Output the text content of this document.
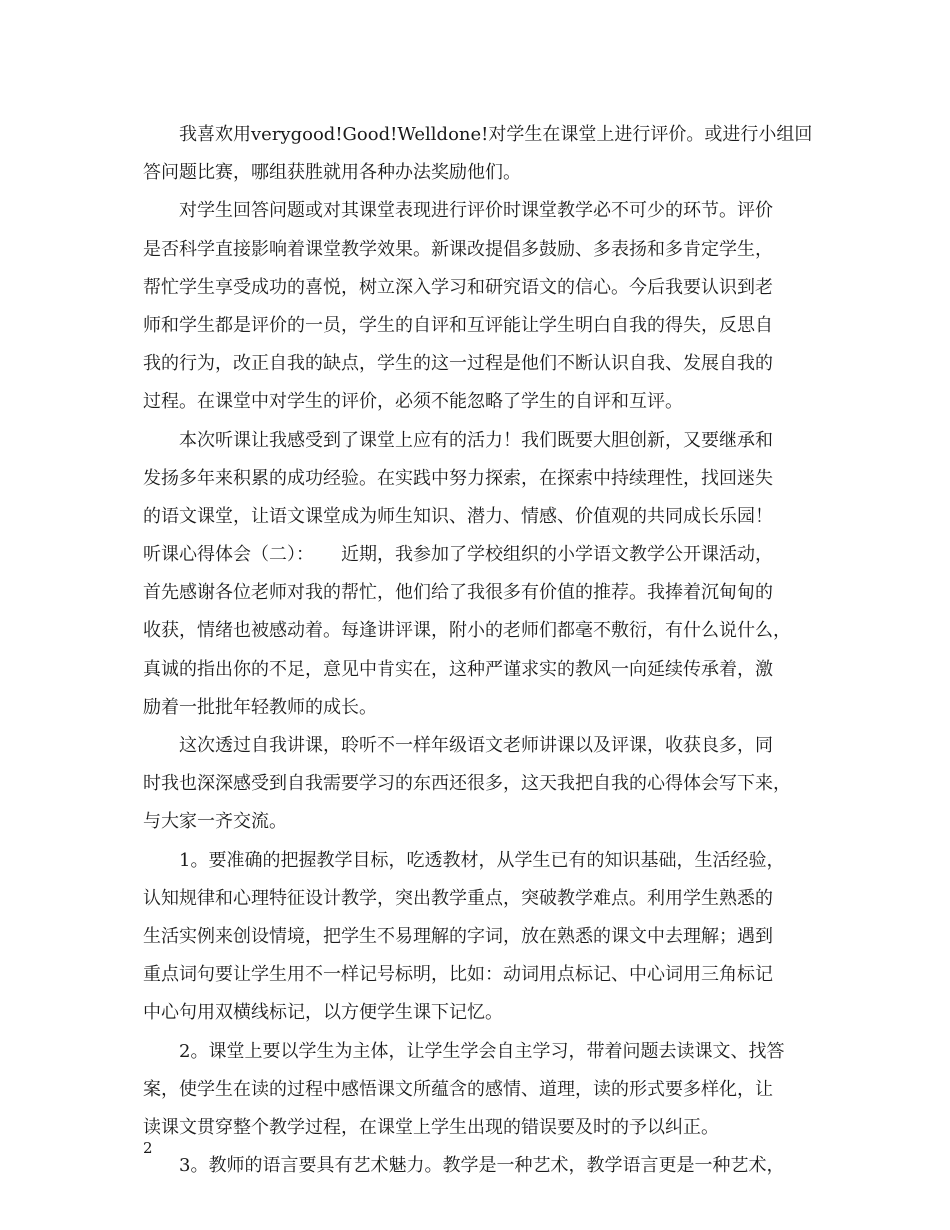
我喜欢用verygood!Good!Welldone!对学生在课堂上进行评价。或进行小组回
答问题比赛，哪组获胜就用各种办法奖励他们。
对学生回答问题或对其课堂表现进行评价时课堂教学必不可少的环节。评价
是否科学直接影响着课堂教学效果。新课改提倡多鼓励、多表扬和多肯定学生，
帮忙学生享受成功的喜悦，树立深入学习和研究语文的信心。今后我要认识到老
师和学生都是评价的一员，学生的自评和互评能让学生明白自我的得失，反思自
我的行为，改正自我的缺点，学生的这一过程是他们不断认识自我、发展自我的
过程。在课堂中对学生的评价，必须不能忽略了学生的自评和互评。
本次听课让我感受到了课堂上应有的活力！我们既要大胆创新，又要继承和
发扬多年来积累的成功经验。在实践中努力探索，在探索中持续理性，找回迷失
的语文课堂，让语文课堂成为师生知识、潜力、情感、价值观的共同成长乐园！
听课心得体会（二）：　　近期，我参加了学校组织的小学语文教学公开课活动，
首先感谢各位老师对我的帮忙，他们给了我很多有价值的推荐。我捧着沉甸甸的
收获，情绪也被感动着。每逢讲评课，附小的老师们都毫不敷衍，有什么说什么，
真诚的指出你的不足，意见中肯实在，这种严谨求实的教风一向延续传承着，激
励着一批批年轻教师的成长。
这次透过自我讲课，聆听不一样年级语文老师讲课以及评课，收获良多，同
时我也深深感受到自我需要学习的东西还很多，这天我把自我的心得体会写下来，
与大家一齐交流。
1。要准确的把握教学目标，吃透教材，从学生已有的知识基础，生活经验，
认知规律和心理特征设计教学，突出教学重点，突破教学难点。利用学生熟悉的
生活实例来创设情境，把学生不易理解的字词，放在熟悉的课文中去理解；遇到
重点词句要让学生用不一样记号标明，比如：动词用点标记、中心词用三角标记
中心句用双横线标记，以方便学生课下记忆。
2。课堂上要以学生为主体，让学生学会自主学习，带着问题去读课文、找答
案，使学生在读的过程中感悟课文所蕴含的感情、道理，读的形式要多样化，让
读课文贯穿整个教学过程，在课堂上学生出现的错误要及时的予以纠正。
3。教师的语言要具有艺术魅力。教学是一种艺术，教学语言更是一种艺术，
2
